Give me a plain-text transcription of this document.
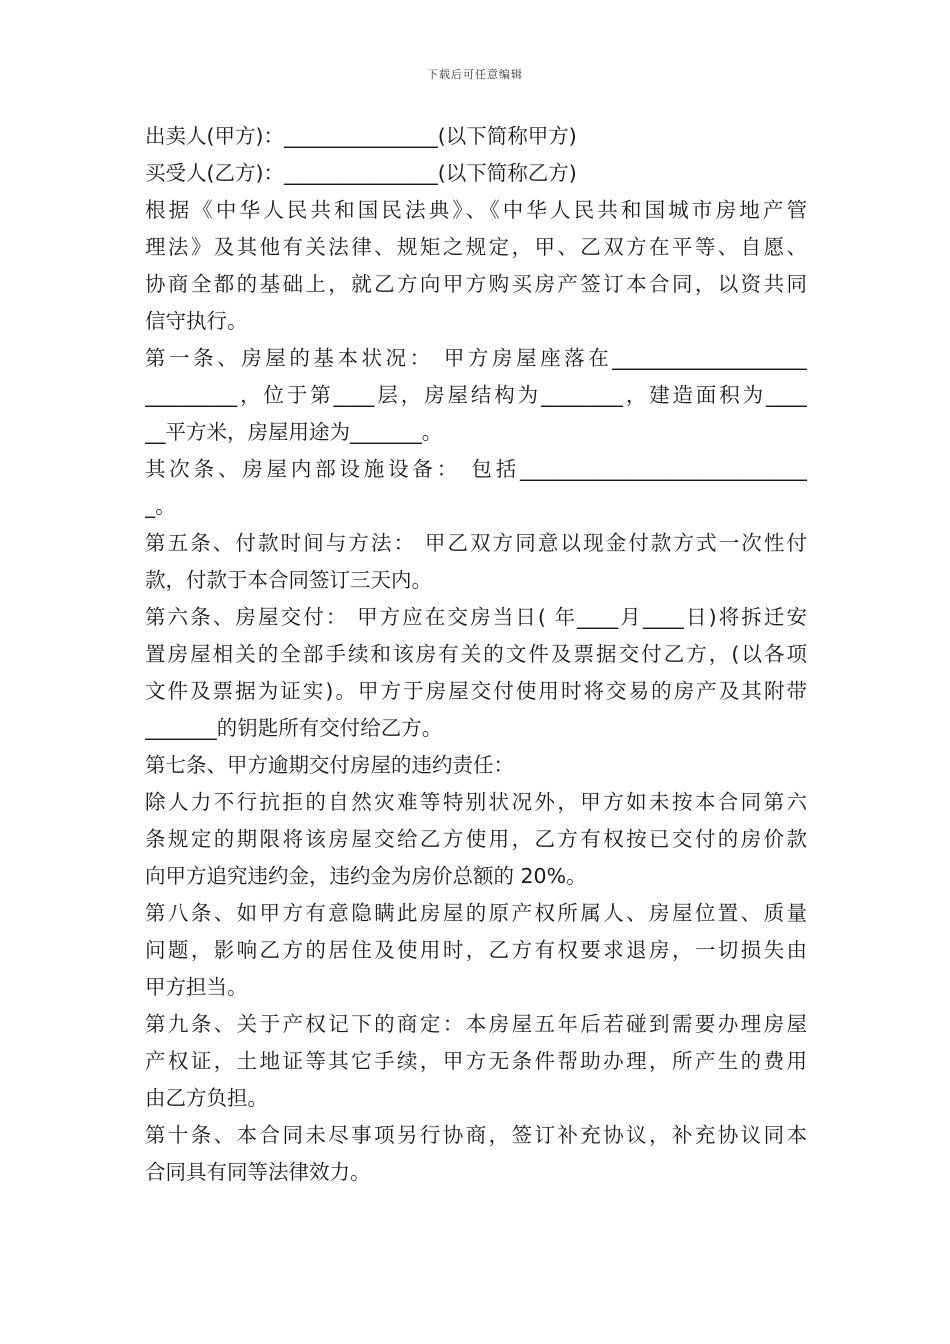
下载后可任意编辑
出卖人(甲方)：_______________(以下简称甲方)
买受人(乙方)：_______________(以下简称乙方)
根据《中华人民共和国民法典》、《中华人民共和国城市房地产管
理法》及其他有关法律、规矩之规定，甲、乙双方在平等、自愿、
协商全都的基础上，就乙方向甲方购买房产签订本合同，以资共同
信守执行。
第一条、房屋的基本状况： 甲方房屋座落在___________________
_________，位于第____层，房屋结构为________，建造面积为____
__平方米，房屋用途为_______。
其次条、房屋内部设施设备： 包括____________________________
_。
第五条、付款时间与方法： 甲乙双方同意以现金付款方式一次性付
款，付款于本合同签订三天内。
第六条、房屋交付： 甲方应在交房当日( 年____月____日)将拆迁安
置房屋相关的全部手续和该房有关的文件及票据交付乙方，(以各项
文件及票据为证实)。甲方于房屋交付使用时将交易的房产及其附带
_______的钥匙所有交付给乙方。
第七条、甲方逾期交付房屋的违约责任：
除人力不行抗拒的自然灾难等特别状况外，甲方如未按本合同第六
条规定的期限将该房屋交给乙方使用，乙方有权按已交付的房价款
向甲方追究违约金，违约金为房价总额的 20%。
第八条、如甲方有意隐瞒此房屋的原产权所属人、房屋位置、质量
问题，影响乙方的居住及使用时，乙方有权要求退房，一切损失由
甲方担当。
第九条、关于产权记下的商定：本房屋五年后若碰到需要办理房屋
产权证，土地证等其它手续，甲方无条件帮助办理，所产生的费用
由乙方负担。
第十条、本合同未尽事项另行协商，签订补充协议，补充协议同本
合同具有同等法律效力。
